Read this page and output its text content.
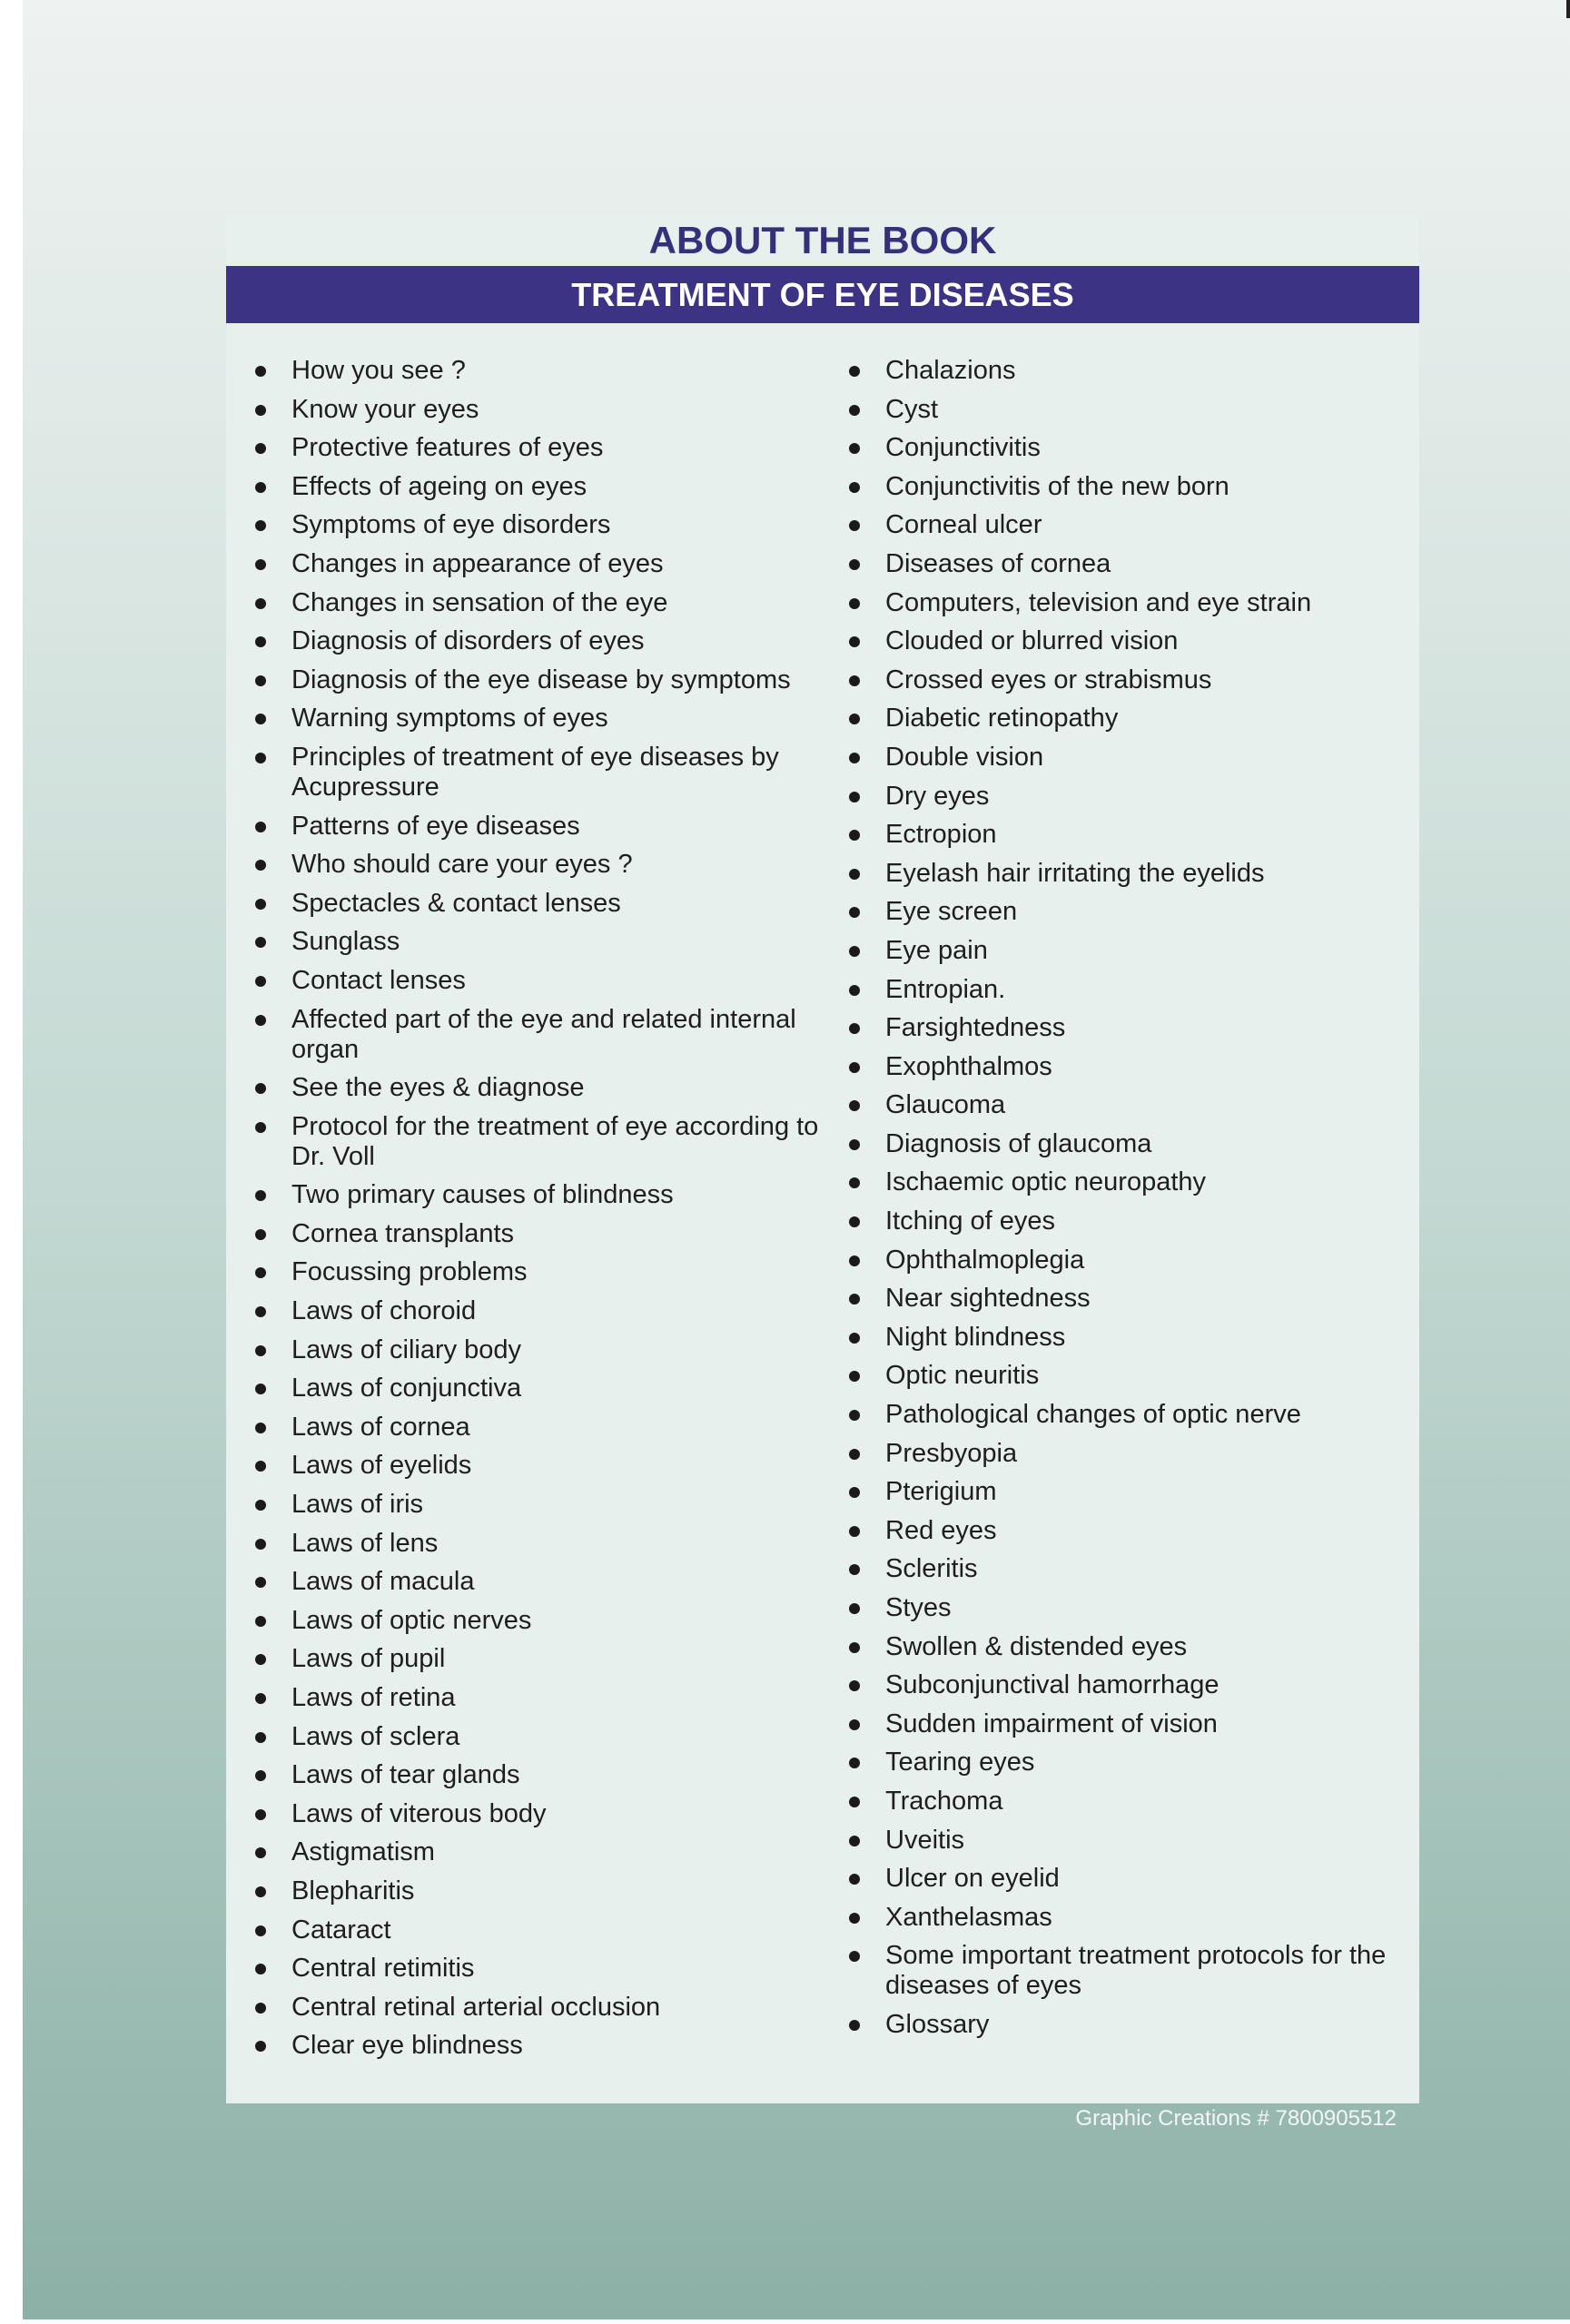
ABOUT THE BOOK
TREATMENT OF EYE DISEASES
How you see ?
Know your eyes
Protective features of eyes
Effects of ageing on eyes
Symptoms of eye disorders
Changes in appearance of eyes
Changes in sensation of the eye
Diagnosis of disorders of eyes
Diagnosis of the eye disease by symptoms
Warning symptoms of eyes
Principles of treatment of eye diseases by Acupressure
Patterns of eye diseases
Who should care your eyes ?
Spectacles & contact lenses
Sunglass
Contact lenses
Affected part of the eye and related internal organ
See the eyes & diagnose
Protocol for the treatment of eye according to Dr. Voll
Two primary causes of blindness
Cornea transplants
Focussing problems
Laws of choroid
Laws of ciliary body
Laws of conjunctiva
Laws of cornea
Laws of eyelids
Laws of iris
Laws of lens
Laws of macula
Laws of optic nerves
Laws of pupil
Laws of retina
Laws of sclera
Laws of tear glands
Laws of viterous body
Astigmatism
Blepharitis
Cataract
Central retimitis
Central retinal arterial occlusion
Clear eye blindness
Chalazions
Cyst
Conjunctivitis
Conjunctivitis of the new born
Corneal ulcer
Diseases of cornea
Computers, television and eye strain
Clouded or blurred vision
Crossed eyes or strabismus
Diabetic retinopathy
Double vision
Dry eyes
Ectropion
Eyelash hair irritating the eyelids
Eye screen
Eye pain
Entropian.
Farsightedness
Exophthalmos
Glaucoma
Diagnosis of glaucoma
Ischaemic optic neuropathy
Itching of eyes
Ophthalmoplegia
Near sightedness
Night blindness
Optic neuritis
Pathological changes of optic nerve
Presbyopia
Pterigium
Red eyes
Scleritis
Styes
Swollen & distended eyes
Subconjunctival hamorrhage
Sudden impairment of vision
Tearing eyes
Trachoma
Uveitis
Ulcer on eyelid
Xanthelasmas
Some important treatment protocols for the diseases of eyes
Glossary
Graphic Creations # 7800905512
